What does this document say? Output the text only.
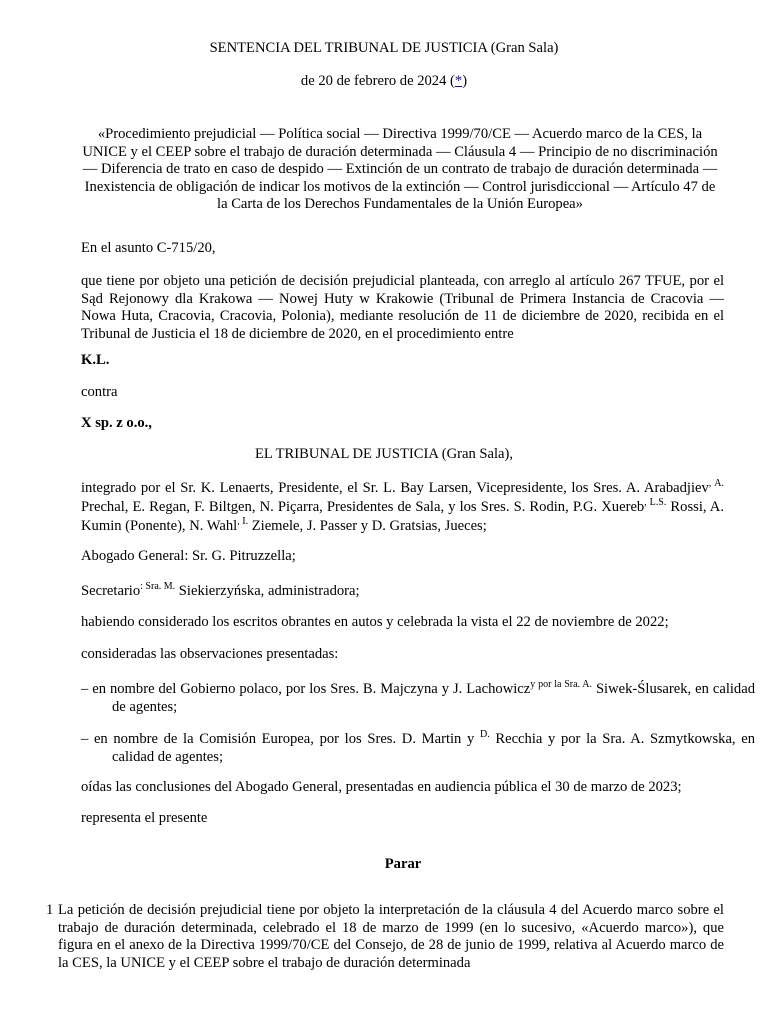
SENTENCIA DEL TRIBUNAL DE JUSTICIA (Gran Sala)
de 20 de febrero de 2024 (*)
«Procedimiento prejudicial — Política social — Directiva 1999/70/CE — Acuerdo marco de la CES, la UNICE y el CEEP sobre el trabajo de duración determinada — Cláusula 4 — Principio de no discriminación — Diferencia de trato en caso de despido — Extinción de un contrato de trabajo de duración determinada — Inexistencia de obligación de indicar los motivos de la extinción — Control jurisdiccional — Artículo 47 de la Carta de los Derechos Fundamentales de la Unión Europea»

En el asunto C-715/20,

que tiene por objeto una petición de decisión prejudicial planteada, con arreglo al artículo 267 TFUE, por el Sąd Rejonowy dla Krakowa — Nowej Huty w Krakowie (Tribunal de Primera Instancia de Cracovia — Nowa Huta, Cracovia, Cracovia, Polonia), mediante resolución de 11 de diciembre de 2020, recibida en el Tribunal de Justicia el 18 de diciembre de 2020, en el procedimiento entre

K.L.

contra

X sp. z o.o.,

EL TRIBUNAL DE JUSTICIA (Gran Sala),

integrado por el Sr. K. Lenaerts, Presidente, el Sr. L. Bay Larsen, Vicepresidente, los Sres. A. Arabadjiev$^{, A.}$ Prechal, E. Regan, F. Biltgen, N. Piçarra, Presidentes de Sala, y los Sres. S. Rodin, P.G. Xuereb$^{, L.S.}$ Rossi, A. Kumin (Ponente), N. Wahl$^{, I.}$ Ziemele, J. Passer y D. Gratsias, Jueces;

Abogado General: Sr. G. Pitruzzella;

Secretario$^{: Sra. M.}$ Siekierzyńska, administradora;

habiendo considerado los escritos obrantes en autos y celebrada la vista el 22 de noviembre de 2022;

consideradas las observaciones presentadas:

– en nombre del Gobierno polaco, por los Sres. B. Majczyna y J. Lachowicz$^{y por la Sra. A.}$ Siwek-Ślusarek, en calidad de agentes;

– en nombre de la Comisión Europea, por los Sres. D. Martin y $^{D.}$ Recchia y por la Sra. A. Szmytkowska, en calidad de agentes;

oídas las conclusiones del Abogado General, presentadas en audiencia pública el 30 de marzo de 2023;

representa el presente

Parar

1 La petición de decisión prejudicial tiene por objeto la interpretación de la cláusula 4 del Acuerdo marco sobre el trabajo de duración determinada, celebrado el 18 de marzo de 1999 (en lo sucesivo, «Acuerdo marco»), que figura en el anexo de la Directiva 1999/70/CE del Consejo, de 28 de junio de 1999, relativa al Acuerdo marco de la CES, la UNICE y el CEEP sobre el trabajo de duración determinada
